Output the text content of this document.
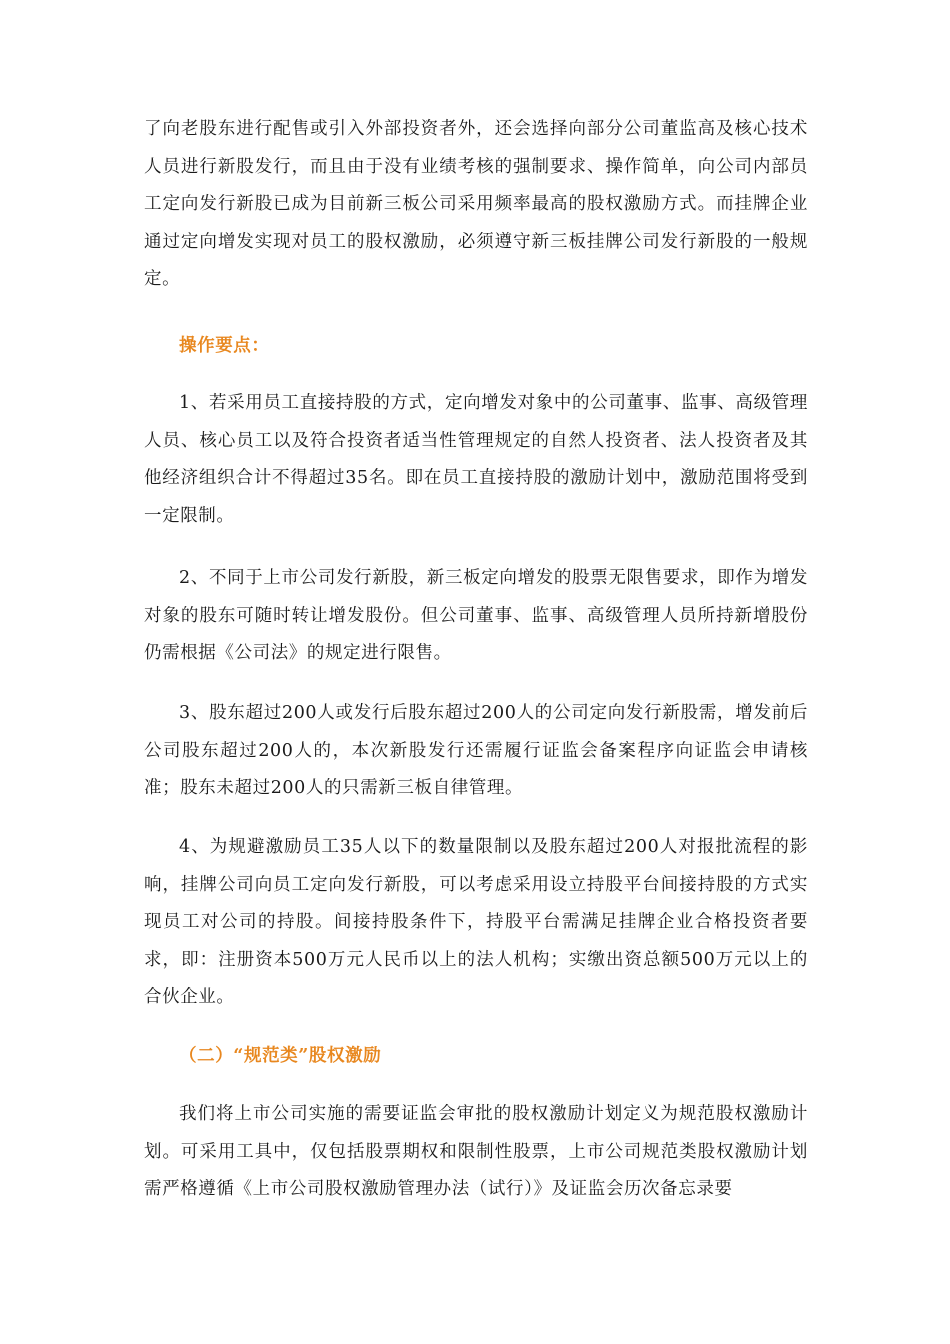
了向老股东进行配售或引入外部投资者外，还会选择向部分公司董监高及核心技术人员进行新股发行，而且由于没有业绩考核的强制要求、操作简单，向公司内部员工定向发行新股已成为目前新三板公司采用频率最高的股权激励方式。而挂牌企业通过定向增发实现对员工的股权激励，必须遵守新三板挂牌公司发行新股的一般规定。

操作要点：

1、若采用员工直接持股的方式，定向增发对象中的公司董事、监事、高级管理人员、核心员工以及符合投资者适当性管理规定的自然人投资者、法人投资者及其他经济组织合计不得超过35名。即在员工直接持股的激励计划中，激励范围将受到一定限制。

2、不同于上市公司发行新股，新三板定向增发的股票无限售要求，即作为增发对象的股东可随时转让增发股份。但公司董事、监事、高级管理人员所持新增股份仍需根据《公司法》的规定进行限售。

3、股东超过200人或发行后股东超过200人的公司定向发行新股需，增发前后公司股东超过200人的，本次新股发行还需履行证监会备案程序向证监会申请核准；股东未超过200人的只需新三板自律管理。

4、为规避激励员工35人以下的数量限制以及股东超过200人对报批流程的影响，挂牌公司向员工定向发行新股，可以考虑采用设立持股平台间接持股的方式实现员工对公司的持股。间接持股条件下，持股平台需满足挂牌企业合格投资者要求，即：注册资本500万元人民币以上的法人机构；实缴出资总额500万元以上的合伙企业。

（二）“规范类”股权激励

我们将上市公司实施的需要证监会审批的股权激励计划定义为规范股权激励计划。可采用工具中，仅包括股票期权和限制性股票，上市公司规范类股权激励计划需严格遵循《上市公司股权激励管理办法（试行）》及证监会历次备忘录要
